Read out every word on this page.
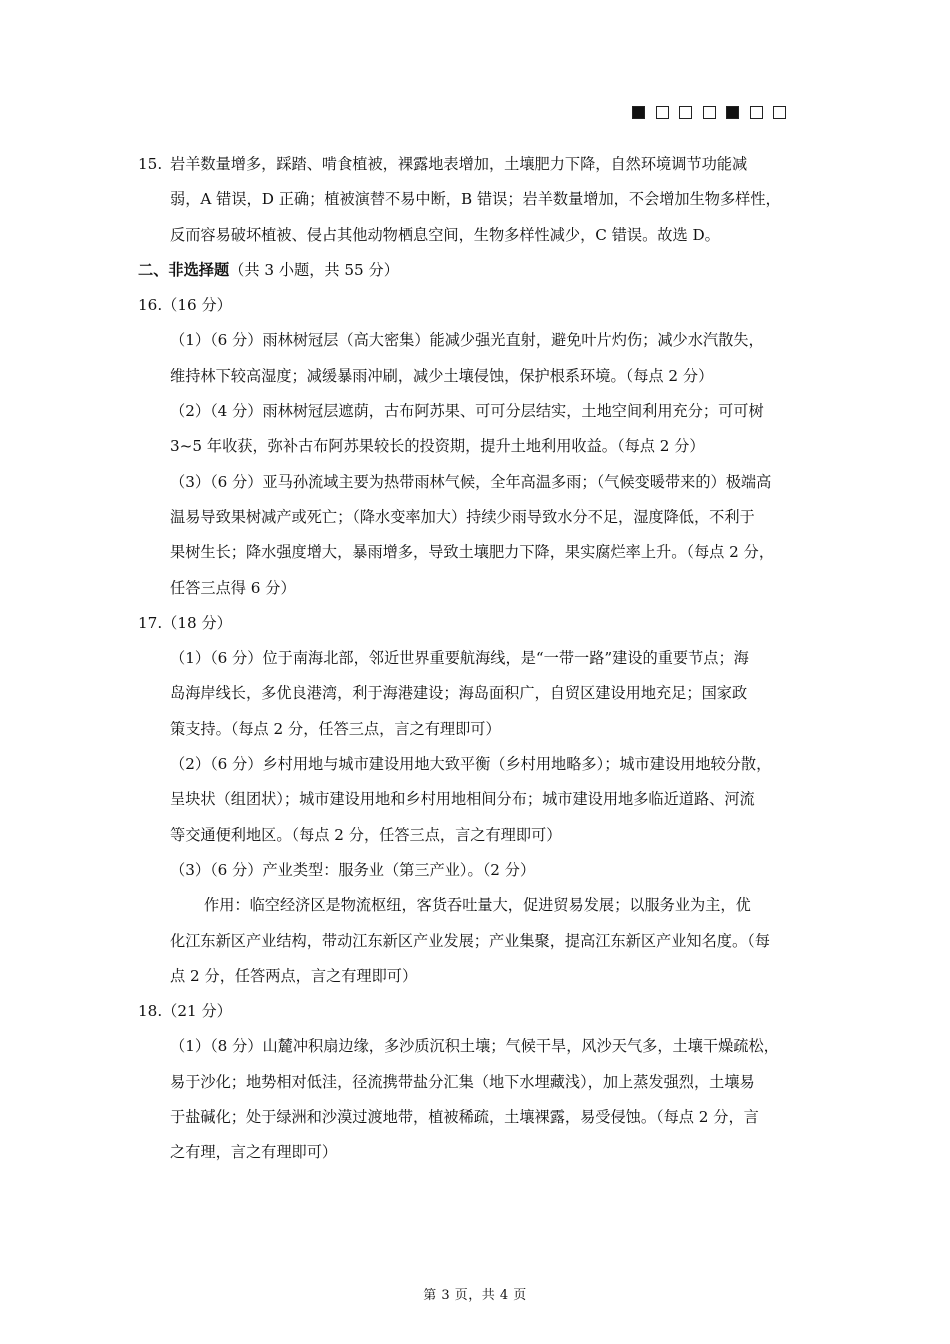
15. 岩羊数量增多，踩踏、啃食植被，裸露地表增加，土壤肥力下降，自然环境调节功能减
弱，A 错误，D 正确；植被演替不易中断，B 错误；岩羊数量增加，不会增加生物多样性，
反而容易破坏植被、侵占其他动物栖息空间，生物多样性减少，C 错误。故选 D。
二、非选择题（共 3 小题，共 55 分）
16.（16 分）
（1）（6 分）雨林树冠层（高大密集）能减少强光直射，避免叶片灼伤；减少水汽散失，
维持林下较高湿度；减缓暴雨冲刷，减少土壤侵蚀，保护根系环境。（每点 2 分）
（2）（4 分）雨林树冠层遮荫，古布阿苏果、可可分层结实，土地空间利用充分；可可树
3~5 年收获，弥补古布阿苏果较长的投资期，提升土地利用收益。（每点 2 分）
（3）（6 分）亚马孙流域主要为热带雨林气候，全年高温多雨；（气候变暖带来的）极端高
温易导致果树减产或死亡；（降水变率加大）持续少雨导致水分不足，湿度降低，不利于
果树生长；降水强度增大，暴雨增多，导致土壤肥力下降，果实腐烂率上升。（每点 2 分，
任答三点得 6 分）
17.（18 分）
（1）（6 分）位于南海北部，邻近世界重要航海线，是“一带一路”建设的重要节点；海
岛海岸线长，多优良港湾，利于海港建设；海岛面积广，自贸区建设用地充足；国家政
策支持。（每点 2 分，任答三点，言之有理即可）
（2）（6 分）乡村用地与城市建设用地大致平衡（乡村用地略多）；城市建设用地较分散，
呈块状（组团状）；城市建设用地和乡村用地相间分布；城市建设用地多临近道路、河流
等交通便利地区。（每点 2 分，任答三点，言之有理即可）
（3）（6 分）产业类型：服务业（第三产业）。（2 分）
作用：临空经济区是物流枢纽，客货吞吐量大，促进贸易发展；以服务业为主，优
化江东新区产业结构，带动江东新区产业发展；产业集聚，提高江东新区产业知名度。（每
点 2 分，任答两点，言之有理即可）
18.（21 分）
（1）（8 分）山麓冲积扇边缘，多沙质沉积土壤；气候干旱，风沙天气多，土壤干燥疏松，
易于沙化；地势相对低洼，径流携带盐分汇集（地下水埋藏浅），加上蒸发强烈，土壤易
于盐碱化；处于绿洲和沙漠过渡地带，植被稀疏，土壤裸露，易受侵蚀。（每点 2 分，言
之有理，言之有理即可）
第 3 页，共 4 页
